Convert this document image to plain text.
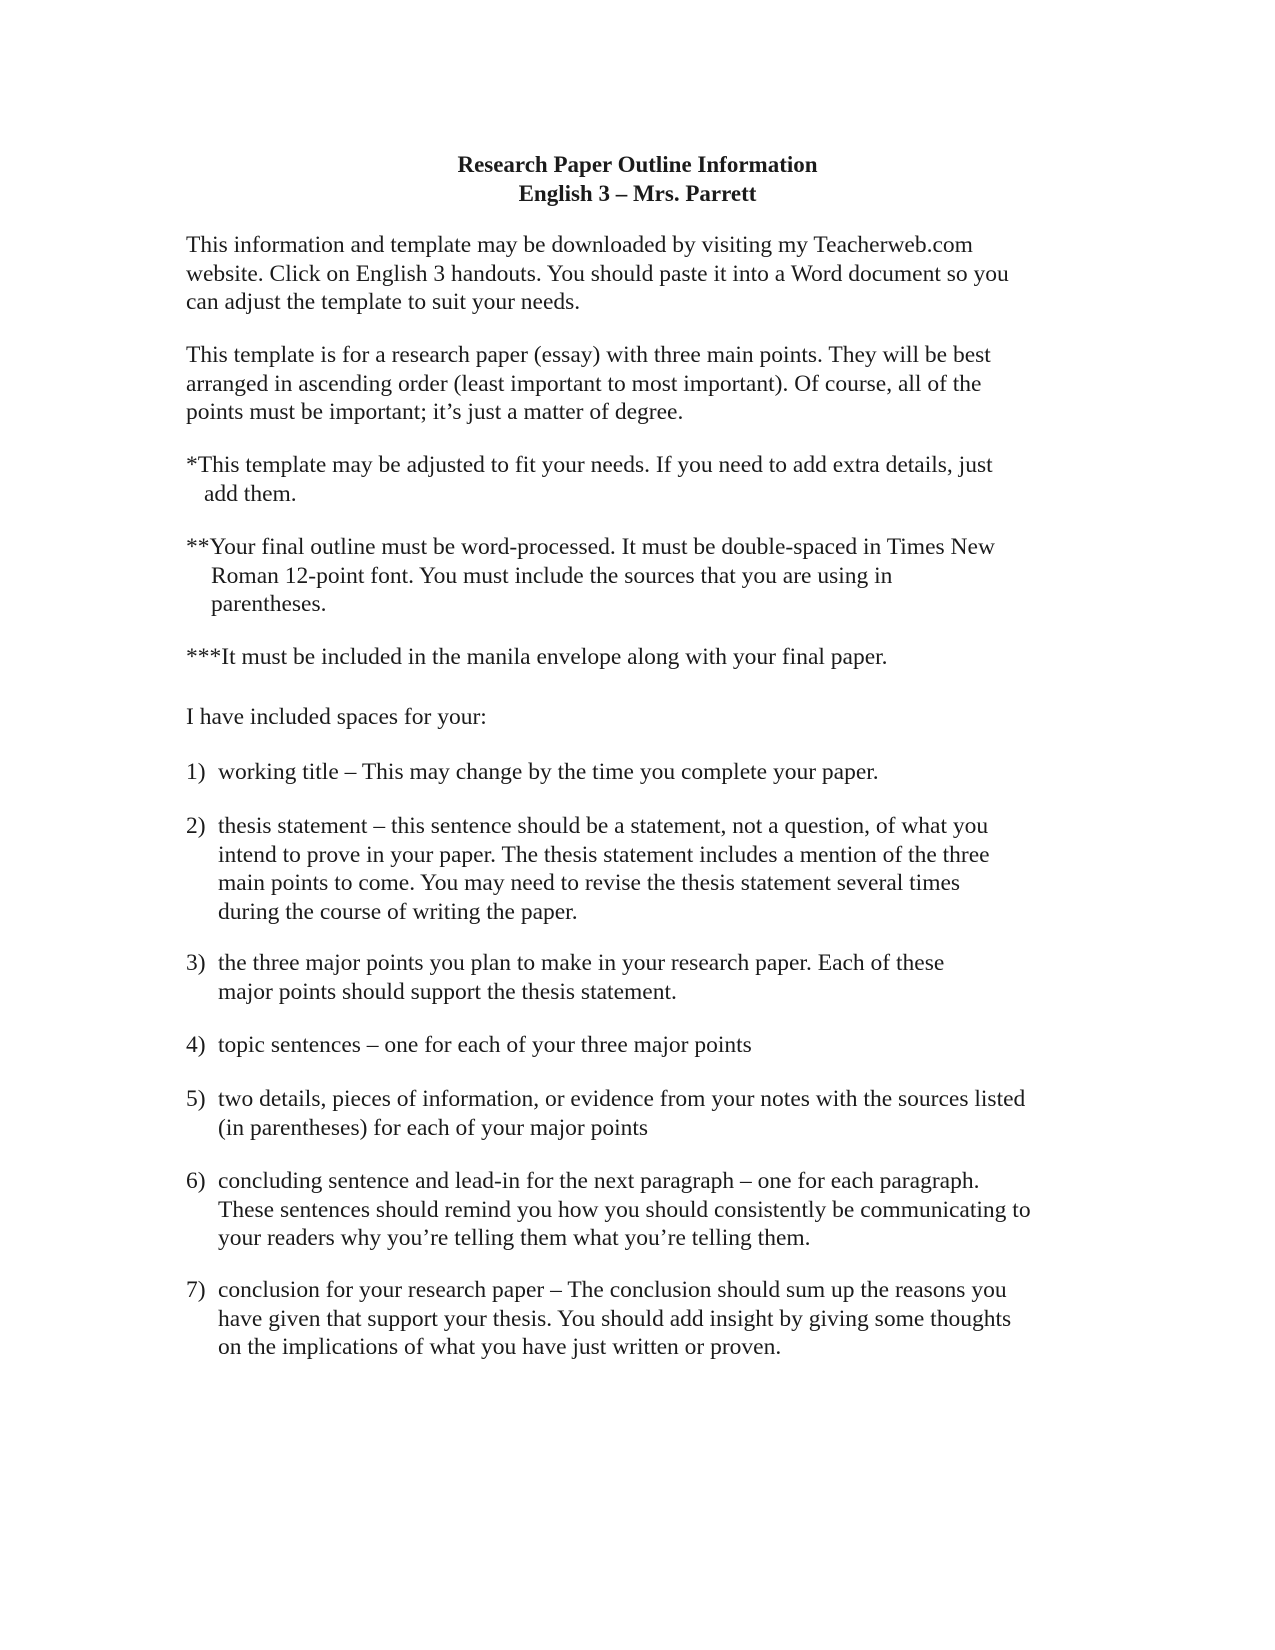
Research Paper Outline Information
English 3 – Mrs. Parrett

This information and template may be downloaded by visiting my Teacherweb.com
website. Click on English 3 handouts. You should paste it into a Word document so you
can adjust the template to suit your needs.

This template is for a research paper (essay) with three main points. They will be best
arranged in ascending order (least important to most important). Of course, all of the
points must be important; it’s just a matter of degree.

*This template may be adjusted to fit your needs. If you need to add extra details, just
add them.

**Your final outline must be word-processed. It must be double-spaced in Times New
Roman 12-point font. You must include the sources that you are using in
parentheses.

***It must be included in the manila envelope along with your final paper.

I have included spaces for your:

1) working title – This may change by the time you complete your paper.
2) thesis statement – this sentence should be a statement, not a question, of what you
intend to prove in your paper. The thesis statement includes a mention of the three
main points to come. You may need to revise the thesis statement several times
during the course of writing the paper.
3) the three major points you plan to make in your research paper. Each of these
major points should support the thesis statement.
4) topic sentences – one for each of your three major points
5) two details, pieces of information, or evidence from your notes with the sources listed
(in parentheses) for each of your major points
6) concluding sentence and lead-in for the next paragraph – one for each paragraph.
These sentences should remind you how you should consistently be communicating to
your readers why you’re telling them what you’re telling them.
7) conclusion for your research paper – The conclusion should sum up the reasons you
have given that support your thesis. You should add insight by giving some thoughts
on the implications of what you have just written or proven.
